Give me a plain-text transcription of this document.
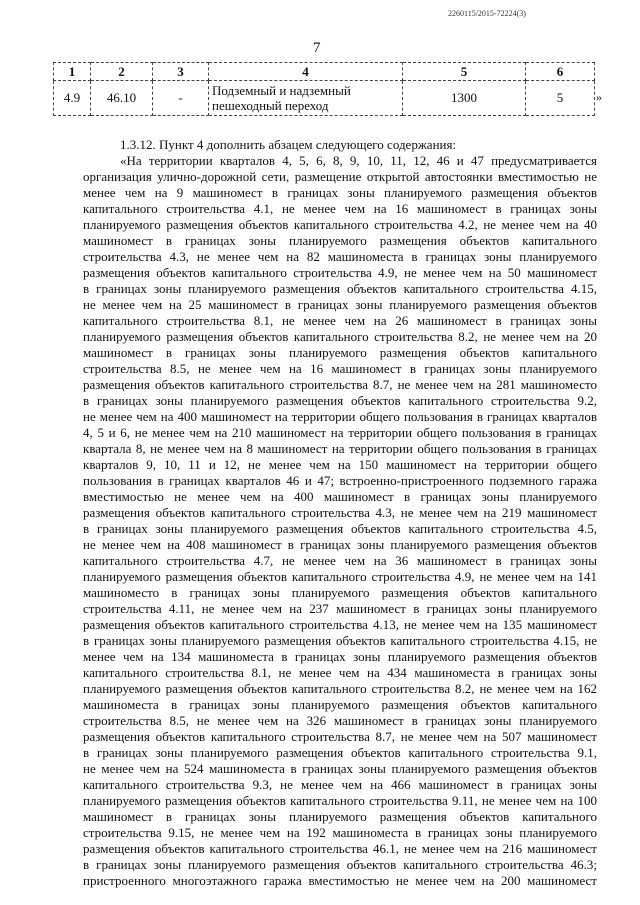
2260115/2015-72224(3)
7
1	2	3	4	5	6
4.9	46.10	-	Подземный и надземный пешеходный переход	1300	5	»
1.3.12. Пункт 4 дополнить абзацем следующего содержания:
«На территории кварталов 4, 5, 6, 8, 9, 10, 11, 12, 46 и 47 предусматривается
организация улично-дорожной сети, размещение открытой автостоянки вместимостью не
менее чем на 9 машиномест в границах зоны планируемого размещения объектов
капитального строительства 4.1, не менее чем на 16 машиномест в границах зоны
планируемого размещения объектов капитального строительства 4.2, не менее чем на 40
машиномест в границах зоны планируемого размещения объектов капитального
строительства 4.3, не менее чем на 82 машиноместа в границах зоны планируемого
размещения объектов капитального строительства 4.9, не менее чем на 50 машиномест
в границах зоны планируемого размещения объектов капитального строительства 4.15,
не менее чем на 25 машиномест в границах зоны планируемого размещения объектов
капитального строительства 8.1, не менее чем на 26 машиномест в границах зоны
планируемого размещения объектов капитального строительства 8.2, не менее чем на 20
машиномест в границах зоны планируемого размещения объектов капитального
строительства 8.5, не менее чем на 16 машиномест в границах зоны планируемого
размещения объектов капитального строительства 8.7, не менее чем на 281 машиноместо
в границах зоны планируемого размещения объектов капитального строительства 9.2,
не менее чем на 400 машиномест на территории общего пользования в границах кварталов
4, 5 и 6, не менее чем на 210 машиномест на территории общего пользования в границах
квартала 8, не менее чем на 8 машиномест на территории общего пользования в границах
кварталов 9, 10, 11 и 12, не менее чем на 150 машиномест на территории общего
пользования в границах кварталов 46 и 47; встроенно-пристроенного подземного гаража
вместимостью не менее чем на 400 машиномест в границах зоны планируемого
размещения объектов капитального строительства 4.3, не менее чем на 219 машиномест
в границах зоны планируемого размещения объектов капитального строительства 4.5,
не менее чем на 408 машиномест в границах зоны планируемого размещения объектов
капитального строительства 4.7, не менее чем на 36 машиномест в границах зоны
планируемого размещения объектов капитального строительства 4.9, не менее чем на 141
машиноместо в границах зоны планируемого размещения объектов капитального
строительства 4.11, не менее чем на 237 машиномест в границах зоны планируемого
размещения объектов капитального строительства 4.13, не менее чем на 135 машиномест
в границах зоны планируемого размещения объектов капитального строительства 4.15, не
менее чем на 134 машиноместа в границах зоны планируемого размещения объектов
капитального строительства 8.1, не менее чем на 434 машиноместа в границах зоны
планируемого размещения объектов капитального строительства 8.2, не менее чем на 162
машиноместа в границах зоны планируемого размещения объектов капитального
строительства 8.5, не менее чем на 326 машиномест в границах зоны планируемого
размещения объектов капитального строительства 8.7, не менее чем на 507 машиномест
в границах зоны планируемого размещения объектов капитального строительства 9.1,
не менее чем на 524 машиноместа в границах зоны планируемого размещения объектов
капитального строительства 9.3, не менее чем на 466 машиномест в границах зоны
планируемого размещения объектов капитального строительства 9.11, не менее чем на 100
машиномест в границах зоны планируемого размещения объектов капитального
строительства 9.15, не менее чем на 192 машиноместа в границах зоны планируемого
размещения объектов капитального строительства 46.1, не менее чем на 216 машиномест
в границах зоны планируемого размещения объектов капитального строительства 46.3;
пристроенного многоэтажного гаража вместимостью не менее чем на 200 машиномест
